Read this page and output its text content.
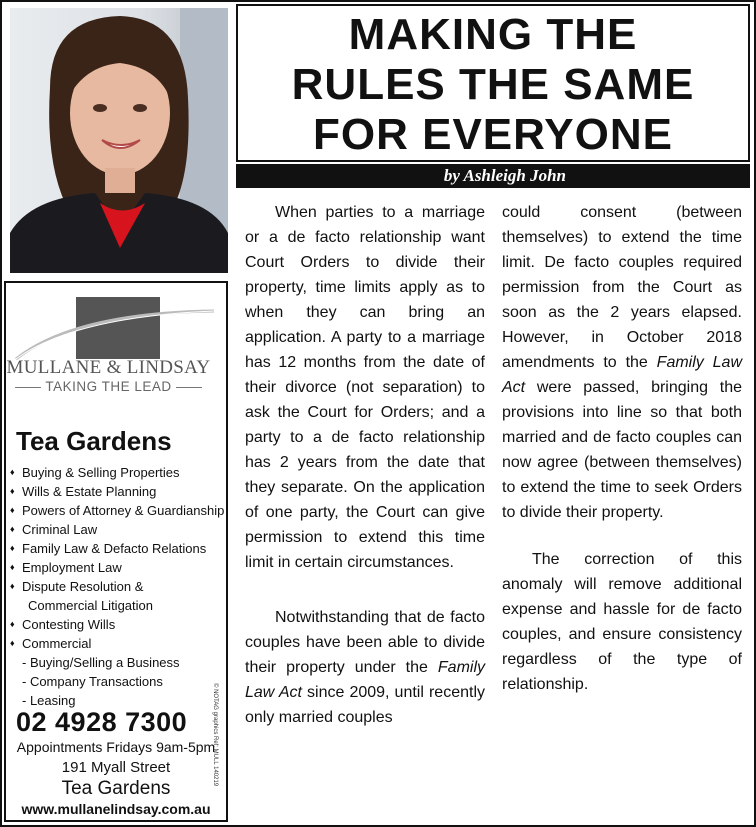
MULLANE & LINDSAY
TAKING THE LEAD
Tea Gardens
♦ Buying & Selling Properties
♦ Wills & Estate Planning
♦ Powers of Attorney & Guardianship
♦ Criminal Law
♦ Family Law & Defacto Relations
♦ Employment Law
♦ Dispute Resolution &
Commercial Litigation
♦ Contesting Wills
♦ Commercial
- Buying/Selling a Business
- Company Transactions
- Leasing	© NOTAG graphics Ref: MULL 140219
02 4928 7300
Appointments Fridays 9am-5pm
191 Myall Street
Tea Gardens
www.mullanelindsay.com.au
MAKING THE
RULES THE SAME
FOR EVERYONE
by Ashleigh John

When parties to a marriage or a de facto relationship want Court Orders to divide their property, time limits apply as to when they can bring an application. A party to a marriage has 12 months from the date of their divorce (not separation) to ask the Court for Orders; and a party to a de facto relationship has 2 years from the date that they separate. On the application of one party, the Court can give permission to extend this time limit in certain circumstances.

Notwithstanding that de facto couples have been able to divide their property under the Family Law Act since 2009, until recently only married couples

could consent (between themselves) to extend the time limit. De facto couples required permission from the Court as soon as the 2 years elapsed. However, in October 2018 amendments to the Family Law Act were passed, bringing the provisions into line so that both married and de facto couples can now agree (between themselves) to extend the time to seek Orders to divide their property.

The correction of this anomaly will remove additional expense and hassle for de facto couples, and ensure consistency regardless of the type of relationship.
